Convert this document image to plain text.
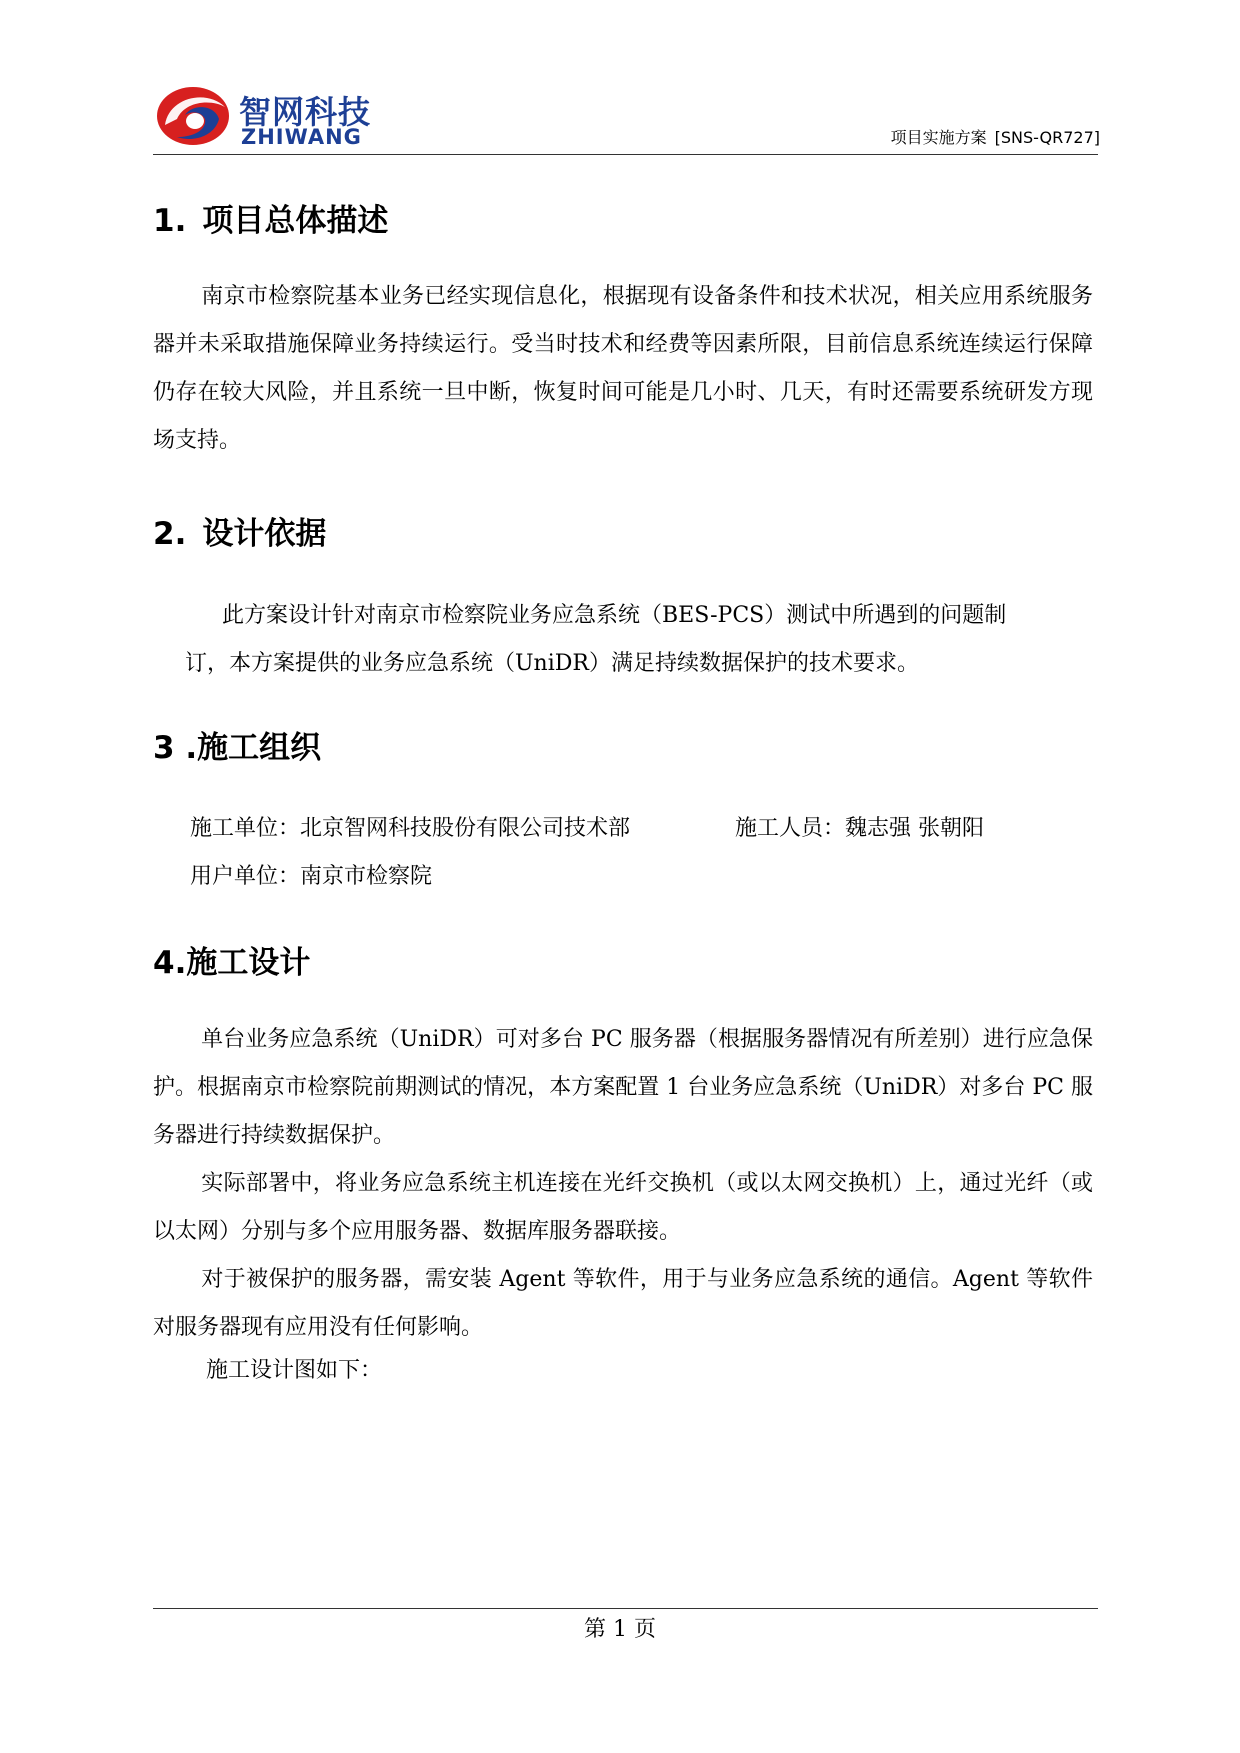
智网科技
ZHIWANG	项目实施方案 [SNS-QR727]
1. 项目总体描述
南京市检察院基本业务已经实现信息化，根据现有设备条件和技术状况，相关应用系统服务器并未采取措施保障业务持续运行。受当时技术和经费等因素所限，目前信息系统连续运行保障仍存在较大风险，并且系统一旦中断，恢复时间可能是几小时、几天，有时还需要系统研发方现场支持。
2. 设计依据
此方案设计针对南京市检察院业务应急系统（BES-PCS）测试中所遇到的问题制
订，本方案提供的业务应急系统（UniDR）满足持续数据保护的技术要求。
3 .施工组织
施工单位：北京智网科技股份有限公司技术部	施工人员：魏志强 张朝阳
用户单位：南京市检察院
4.施工设计
单台业务应急系统（UniDR）可对多台 PC 服务器（根据服务器情况有所差别）进行应急保护。根据南京市检察院前期测试的情况，本方案配置 1 台业务应急系统（UniDR）对多台 PC 服务器进行持续数据保护。
实际部署中，将业务应急系统主机连接在光纤交换机（或以太网交换机）上，通过光纤（或以太网）分别与多个应用服务器、数据库服务器联接。
对于被保护的服务器，需安装 Agent 等软件，用于与业务应急系统的通信。Agent 等软件对服务器现有应用没有任何影响。
施工设计图如下：
第 1 页
